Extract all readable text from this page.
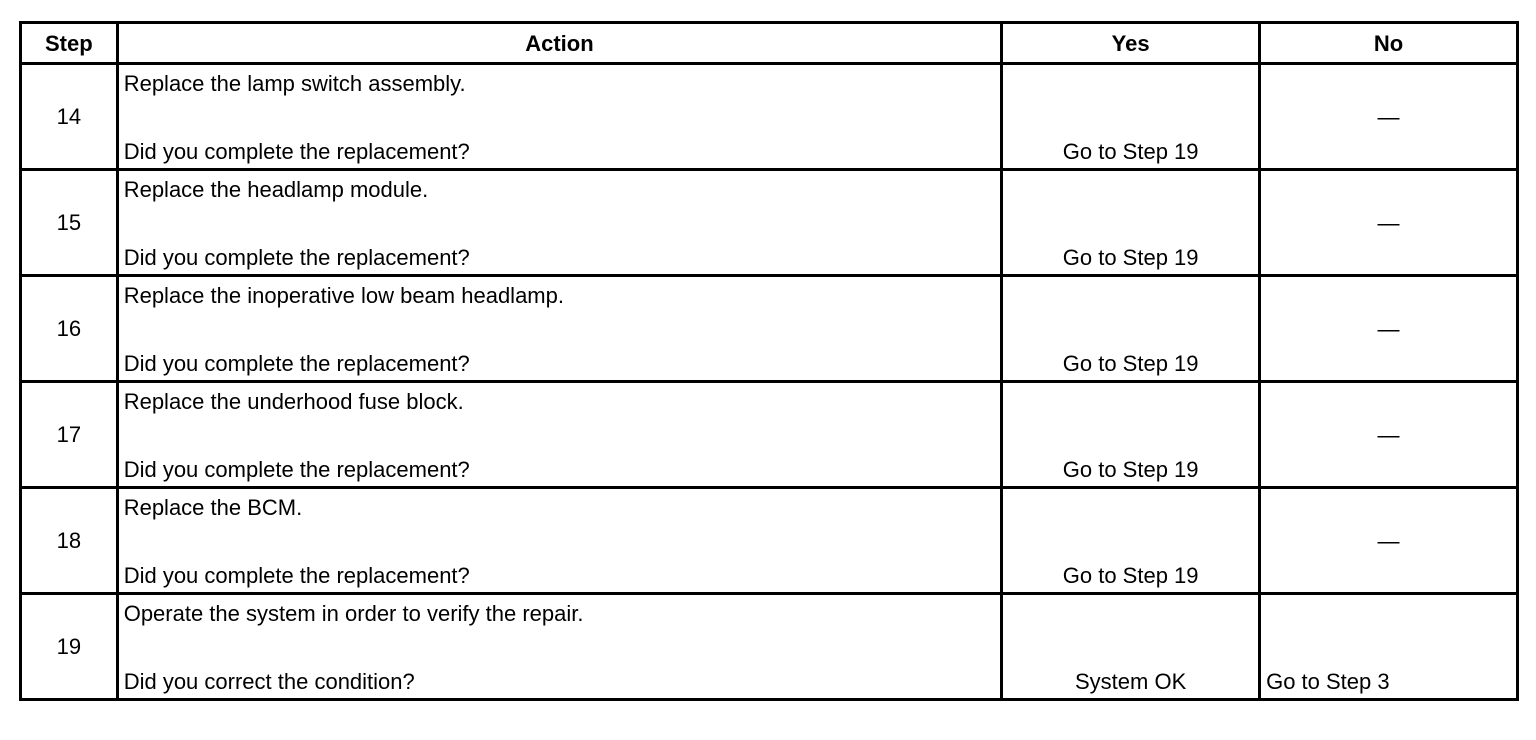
Step	Action	Yes	No
14	Replace the lamp switch assembly.
Did you complete the replacement?	Go to Step 19	—

15	Replace the headlamp module.
Did you complete the replacement?	Go to Step 19	—

16	Replace the inoperative low beam headlamp.
Did you complete the replacement?	Go to Step 19	—

17	Replace the underhood fuse block.
Did you complete the replacement?	Go to Step 19	—

18	Replace the BCM.
Did you complete the replacement?	Go to Step 19	—

19	Operate the system in order to verify the repair.
Did you correct the condition?	System OK	Go to Step 3
